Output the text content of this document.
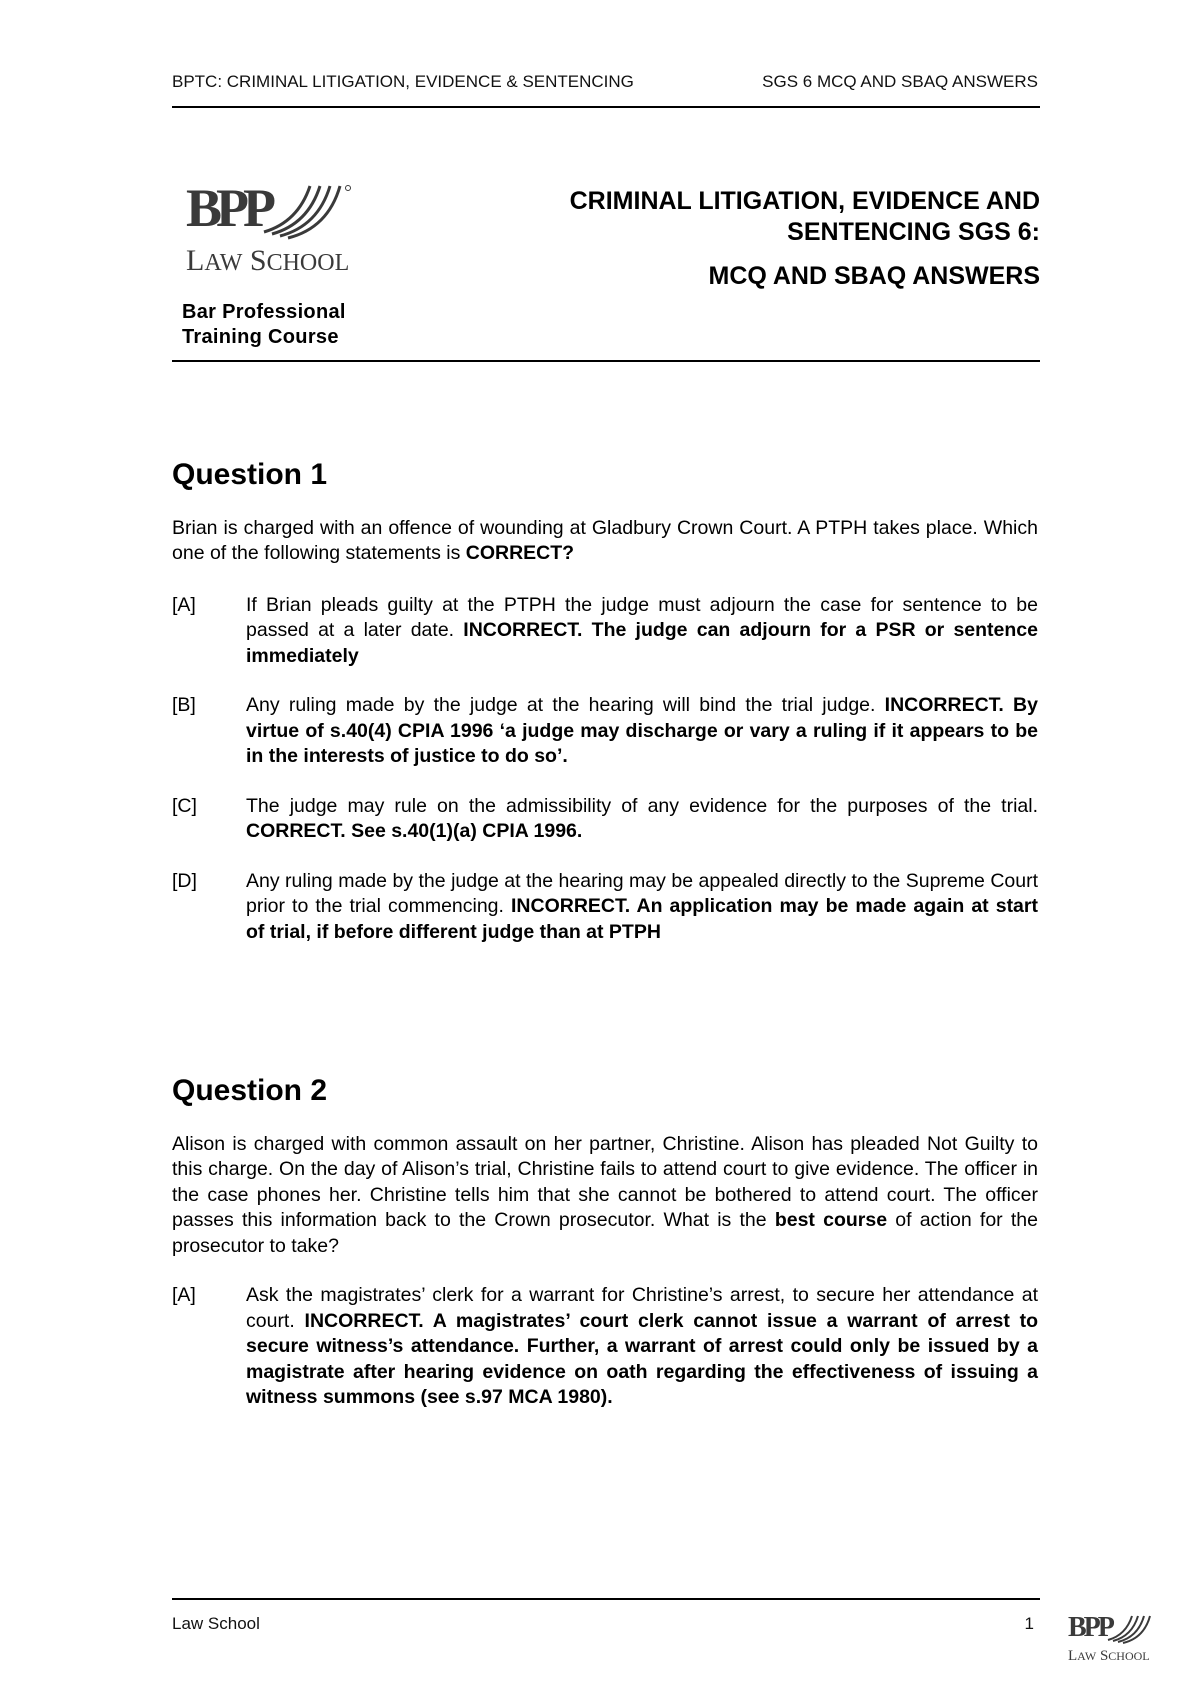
BPTC: CRIMINAL LITIGATION, EVIDENCE & SENTENCING	SGS 6 MCQ AND SBAQ ANSWERS
BPP
LAW SCHOOL
Bar Professional
Training Course
CRIMINAL LITIGATION, EVIDENCE AND
SENTENCING SGS 6:
MCQ AND SBAQ ANSWERS
Question 1

Brian is charged with an offence of wounding at Gladbury Crown Court. A PTPH takes place. Which one of the following statements is CORRECT?

[A]	If Brian pleads guilty at the PTPH the judge must adjourn the case for sentence to be passed at a later date. INCORRECT. The judge can adjourn for a PSR or sentence immediately
[B]	Any ruling made by the judge at the hearing will bind the trial judge. INCORRECT. By virtue of s.40(4) CPIA 1996 ‘a judge may discharge or vary a ruling if it appears to be in the interests of justice to do so’.
[C]	The judge may rule on the admissibility of any evidence for the purposes of the trial. CORRECT. See s.40(1)(a) CPIA 1996.
[D]	Any ruling made by the judge at the hearing may be appealed directly to the Supreme Court prior to the trial commencing. INCORRECT. An application may be made again at start of trial, if before different judge than at PTPH
Question 2

Alison is charged with common assault on her partner, Christine. Alison has pleaded Not Guilty to this charge. On the day of Alison’s trial, Christine fails to attend court to give evidence. The officer in the case phones her. Christine tells him that she cannot be bothered to attend court. The officer passes this information back to the Crown prosecutor. What is the best course of action for the prosecutor to take?

[A]	Ask the magistrates’ clerk for a warrant for Christine’s arrest, to secure her attendance at court. INCORRECT. A magistrates’ court clerk cannot issue a warrant of arrest to secure witness’s attendance. Further, a warrant of arrest could only be issued by a magistrate after hearing evidence on oath regarding the effectiveness of issuing a witness summons (see s.97 MCA 1980).
Law School	1 BPP
LAW SCHOOL
